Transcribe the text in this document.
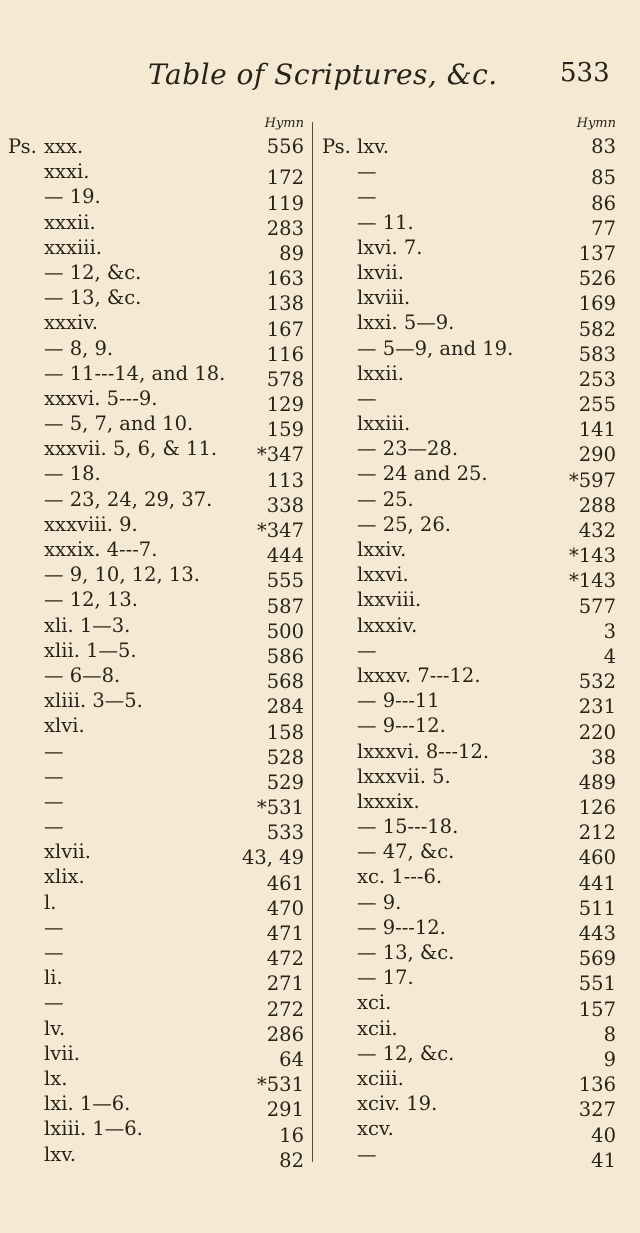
Table of Scriptures, &c. 533
Hymn
Ps. xxx.	556
xxxi.	172
— 19.	119
xxxii.	283
xxxiii.	89
— 12, &c.	163
— 13, &c.	138
xxxiv.	167
— 8, 9.	116
— 11---14, and 18. 578
xxxvi. 5---9.	129
— 5, 7, and 10.	159
xxxvii. 5, 6, & 11. *347
— 18.	113
— 23, 24, 29, 37.	338
xxxviii. 9.	*347
xxxix. 4---7.	444
— 9, 10, 12, 13.	555
— 12, 13.	587
xli. 1—3.	500
xlii. 1—5.	586
— 6—8.	568
xliii. 3—5.	284
xlvi.	158
—	528
—	529
—	*531
—	533
xlvii.	43, 49
xlix.	461
l.	470
—	471
—	472
li.	271
—	272
lv.	286
lvii.	64
lx.	*531
lxi. 1—6.	291
lxiii. 1—6.	16
lxv.	82
Hymn
Ps. lxv.	83
—	85
—	86
— 11.	77
lxvi. 7.	137
lxvii.	526
lxviii.	169
lxxi. 5—9.	582
— 5—9, and 19.	583
lxxii.	253
—	255
lxxiii.	141
— 23—28.	290
— 24 and 25.	*597
— 25.	288
— 25, 26.	432
lxxiv.	*143
lxxvi.	*143
lxxviii.	577
lxxxiv.	3
—	4
lxxxv. 7---12.	532
— 9---11	231
— 9---12.	220
lxxxvi. 8---12.	38
lxxxvii. 5.	489
lxxxix.	126
— 15---18.	212
— 47, &c.	460
xc. 1---6.	441
— 9.	511
— 9---12.	443
— 13, &c.	569
— 17.	551
xci.	157
xcii.	8
— 12, &c.	9
xciii.	136
xciv. 19.	327
xcv.	40
—	41
